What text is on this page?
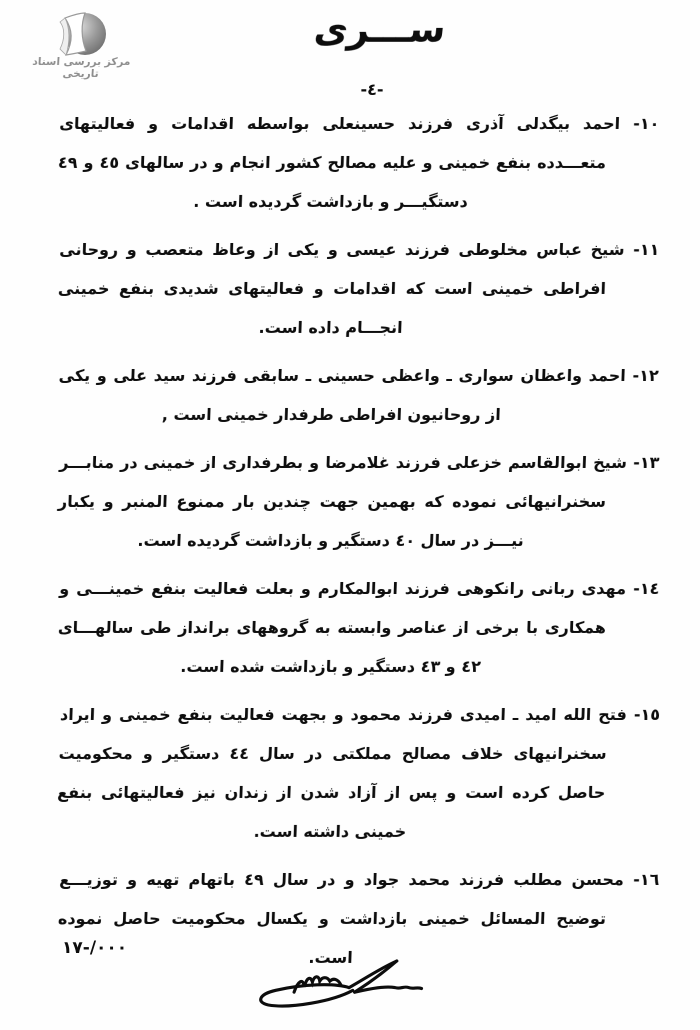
مرکز بررسی اسناد تاریخی
ســـری
-٤-

١٠- احمد بیگدلی آذری فرزند حسینعلی بواسطه اقدامات و فعالیتهای متعـــدده بنفع خمینی و علیه مصالح کشور انجام و در سالهای ٤٥ و ٤٩ دستگیـــر و بازداشت گردیده است .

١١- شیخ عباس مخلوطی فرزند عیسی و یکی از وعاظ متعصب و روحانی افراطی خمینی است که اقدامات و فعالیتهای شدیدی بنفع خمینی انجـــام داده است.

١٢- احمد واعظان سواری ـ واعظی حسینی ـ سابقی فرزند سید علی و یکی از روحانیون افراطی طرفدار خمینی است ,

١٣- شیخ ابوالقاسم خزعلی فرزند غلامرضا و بطرفداری از خمینی در منابـــر سخنرانیهائی نموده که بهمین جهت چندین بار ممنوع المنبر و یکبار نیـــز در سال ٤٠ دستگیر و بازداشت گردیده است.

١٤- مهدی ربانی رانکوهی فرزند ابوالمکارم و بعلت فعالیت بنفع خمینـــی و همکاری با برخی از عناصر وابسته به گروههای برانداز طی سالهـــای ٤٢ و ٤٣ دستگیر و بازداشت شده است.

١٥- فتح الله امید ـ امیدی فرزند محمود و بجهت فعالیت بنفع خمینی و ایراد سخنرانیهای خلاف مصالح مملکتی در سال ٤٤ دستگیر و محکومیت حاصل کرده است و پس از آزاد شدن از زندان نیز فعالیتهائی بنفع خمینی داشته است.

١٦- محسن مطلب فرزند محمد جواد و در سال ٤٩ باتهام تهیه و توزیـــع توضیح المسائل خمینی بازداشت و یکسال محکومیت حاصل نموده است.

٠٠٠/-١٧
